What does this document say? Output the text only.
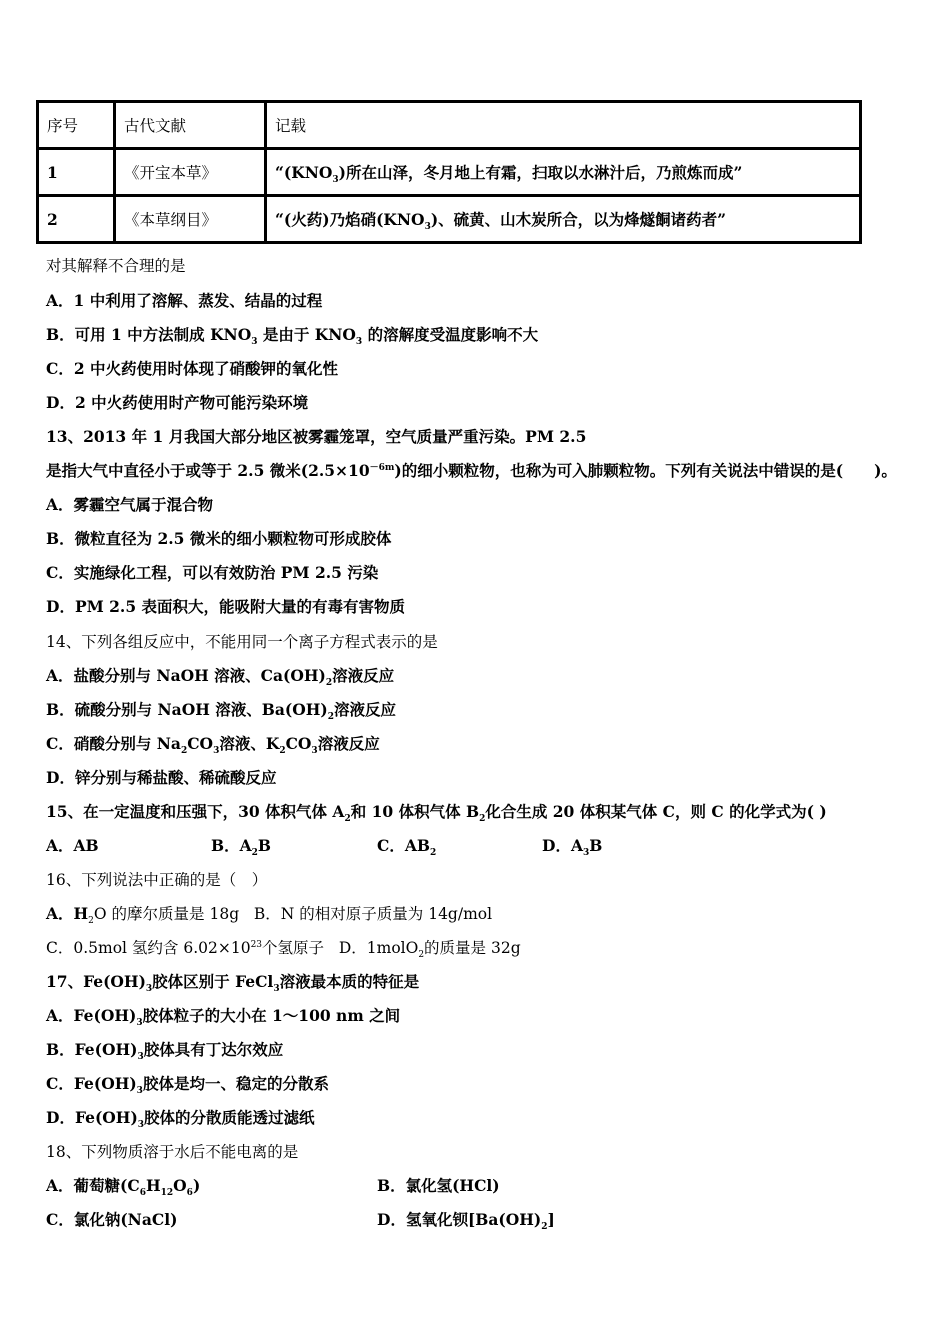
序号	古代文献	记载
1	《开宝本草》	“$(KNO_3)$所在山泽，冬月地上有霜，扫取以水淋汁后，乃煎炼而成”
2	《本草纲目》	“(火药)乃焰硝$(KNO_3)$、硫黄、山木炭所合，以为烽燧餇诸药者”
对其解释不合理的是
A．1 中利用了溶解、蒸发、结晶的过程
B．可用 1 中方法制成 $KNO_3$ 是由于 $KNO_3$ 的溶解度受温度影响不大
C．2 中火药使用时体现了硝酸钾的氧化性
D．2 中火药使用时产物可能污染环境
13、2013 年 1 月我国大部分地区被雾霾笼罩，空气质量严重污染。PM 2.5
是指大气中直径小于或等于 2.5 微米$(2.5\times 10^{-6m})$的细小颗粒物，也称为可入肺颗粒物。下列有关说法中错误的是(　　)。
A．雾霾空气属于混合物
B．微粒直径为 2.5 微米的细小颗粒物可形成胶体
C．实施绿化工程，可以有效防治 PM 2.5 污染
D．PM 2.5 表面积大，能吸附大量的有毒有害物质
14、下列各组反应中，不能用同一个离子方程式表示的是
A．盐酸分别与 NaOH 溶液、$Ca(OH)_2$溶液反应
B．硫酸分别与 NaOH 溶液、$Ba(OH)_2$溶液反应
C．硝酸分别与 $Na_2CO_3$溶液、$K_2CO_3$溶液反应
D．锌分别与稀盐酸、稀硫酸反应
15、在一定温度和压强下，30 体积气体 $A_2$和 10 体积气体 $B_2$化合生成 20 体积某气体 C，则 C 的化学式为( )
A．AB	B．$A_2B$	C．$AB_2$	D．$A_3B$
16、下列说法中正确的是（　）
A．$H_2O$ 的摩尔质量是 18g B．N 的相对原子质量为 14g/mol
C．0.5mol 氢约含 $6.02\times 10^{23}$个氢原子 D．1molO$_2$的质量是 32g
17、$Fe(OH)_3$胶体区别于 FeCl$_3$溶液最本质的特征是
A．$Fe(OH)_3$胶体粒子的大小在 1～100 nm 之间
B．$Fe(OH)_3$胶体具有丁达尔效应
C．$Fe(OH)_3$胶体是均一、稳定的分散系
D．$Fe(OH)_3$胶体的分散质能透过滤纸
18、下列物质溶于水后不能电离的是
A．葡萄糖$(C_6H_{12}O_6)$	B．氯化氢(HCl)
C．氯化钠(NaCl)	D．氢氧化钡$[Ba(OH)_2]$
